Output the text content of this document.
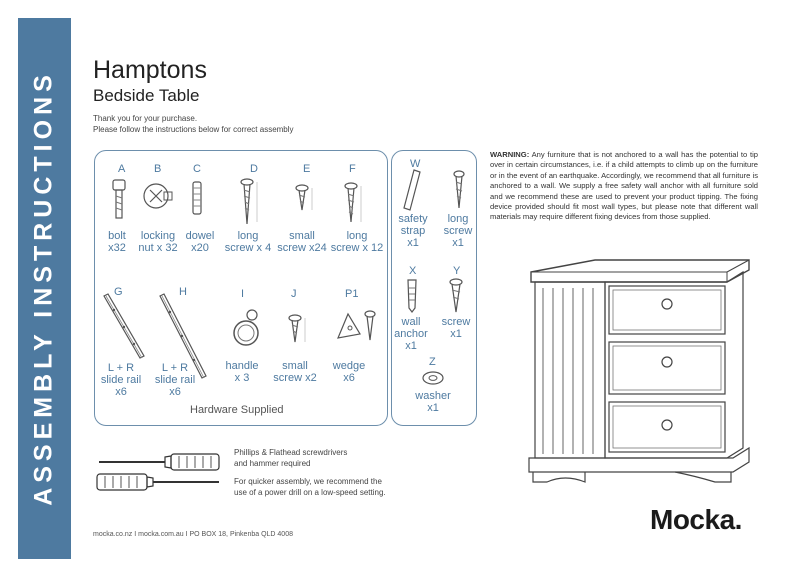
ASSEMBLY INSTRUCTIONS
Hamptons
Bedside Table
Thank you for your purchase.
Please follow the instructions below for correct assembly
A
bolt
x32
B
locking
nut x 32
C
dowel
x20
D
long
screw x 4
E
small
screw x24
F
long
screw x 12
G
L + R
slide rail
x6
H
L + R
slide rail
x6
I
handle
x 3
J
small
screw x2
P1
wedge
x6
Hardware Supplied
W
safety
strap
x1
long
screw
x1
X
wall
anchor
x1
Y
screw
x1
Z
washer
x1
Phillips & Flathead screwdrivers
and hammer required
For quicker assembly, we recommend the
use of a power drill on a low-speed setting.
WARNING: Any furniture that is not anchored to a wall has the potential to tip over in certain circumstances, i.e. if a child attempts to climb up on the furniture or in the event of an earthquake. Accordingly, we recommend that all furniture is anchored to a wall. We supply a free safety wall anchor with all furniture sold and we recommend these are used to prevent your product tipping. The fixing device provided should fit most wall types, but please note that different wall materials may require different fixing devices from those supplied.
mocka.co.nz I mocka.com.au I PO BOX 18, Pinkenba QLD 4008	Mocka.
